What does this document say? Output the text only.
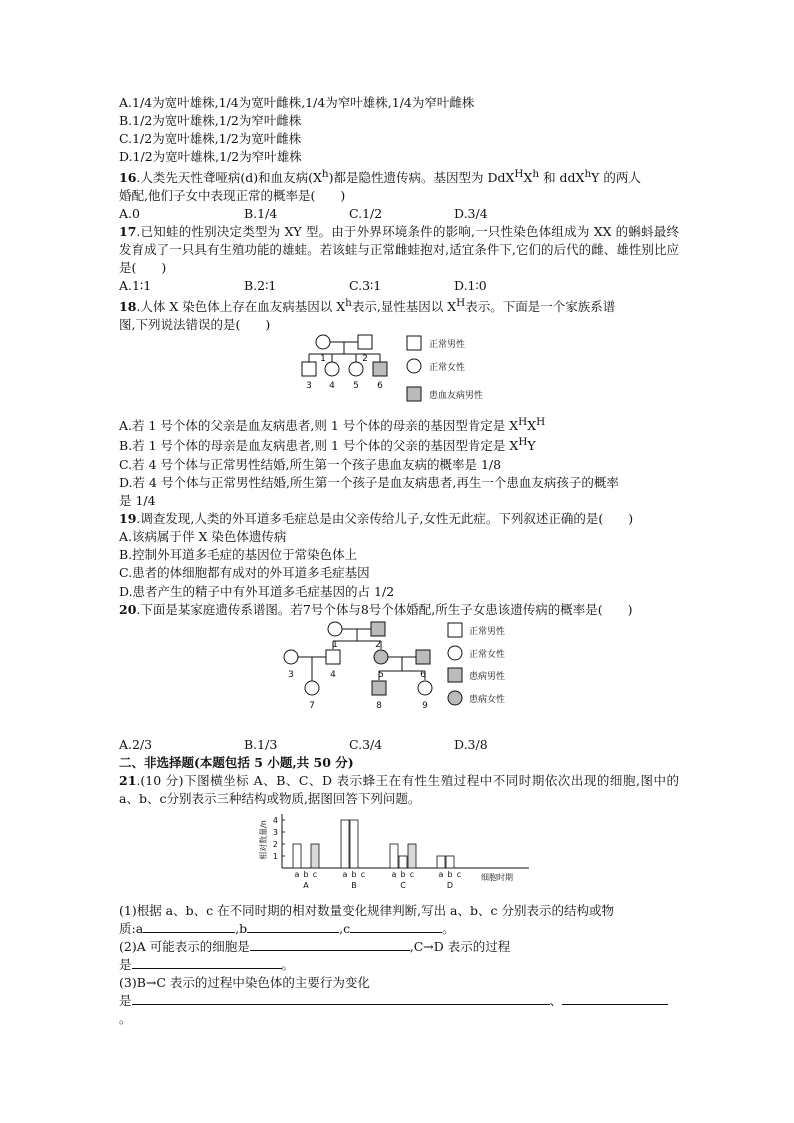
A.1/4为宽叶雄株,1/4为宽叶雌株,1/4为窄叶雄株,1/4为窄叶雌株
B.1/2为宽叶雄株,1/2为窄叶雌株
C.1/2为宽叶雄株,1/2为宽叶雌株
D.1/2为宽叶雄株,1/2为窄叶雄株
16.人类先天性聋哑病(d)和血友病$(X^h)$都是隐性遗传病。基因型为 $DdX^HX^h$ 和 ddX$^h$Y 的两人
婚配,他们子女中表现正常的概率是(　　)
A.0	B.1/4	C.1/2	D.3/4
17.已知蛙的性别决定类型为 XY 型。由于外界环境条件的影响,一只性染色体组成为 XX 的蝌蚪最终发育成了一只具有生殖功能的雄蛙。若该蛙与正常雌蛙抱对,适宜条件下,它们的后代的雌、雄性别比应是(　　)
A.1∶1	B.2∶1	C.3∶1	D.1∶0
18.人体 X 染色体上存在血友病基因以 $X^h$表示,显性基因以 $X^H$表示。下面是一个家族系谱
图,下列说法错误的是(　　)
1	2
3 4 5 6
正常男性
正常女性
患血友病男性
A.若 1 号个体的父亲是血友病患者,则 1 号个体的母亲的基因型肯定是 $X^HX^H$
B.若 1 号个体的母亲是血友病患者,则 1 号个体的父亲的基因型肯定是 $X^HY$
C.若 4 号个体与正常男性结婚,所生第一个孩子患血友病的概率是 1/8
D.若 4 号个体与正常男性结婚,所生第一个孩子是血友病患者,再生一个患血友病孩子的概率
是 1/4
19.调查发现,人类的外耳道多毛症总是由父亲传给儿子,女性无此症。下列叙述正确的是(　　)
A.该病属于伴 X 染色体遗传病
B.控制外耳道多毛症的基因位于常染色体上
C.患者的体细胞都有成对的外耳道多毛症基因
D.患者产生的精子中有外耳道多毛症基因的占 1/2
20.下面是某家庭遗传系谱图。若7号个体与8号个体婚配,所生子女患该遗传病的概率是(　　)
1	2
3	4	5	6
7	8	9
正常男性
正常女性
患病男性
患病女性
A.2/3	B.1/3	C.3/4	D.3/8
二、非选择题(本题包括 5 小题,共 50 分)
21.(10 分)下图横坐标 A、B、C、D 表示蜂王在有性生殖过程中不同时期依次出现的细胞,图中的 a、b、c分别表示三种结构或物质,据图回答下列问题。
1
2
3
4
相对数量/n
a b c
A
a b c
B
a b c
C
a b c
D
细胞时期
(1)根据 a、b、c 在不同时期的相对数量变化规律判断,写出 a、b、c 分别表示的结构或物
质:a	,b	,c	。
(2)A 可能表示的细胞是	,C→D 表示的过程
是	。
(3)B→C 表示的过程中染色体的主要行为变化
是	、
。
